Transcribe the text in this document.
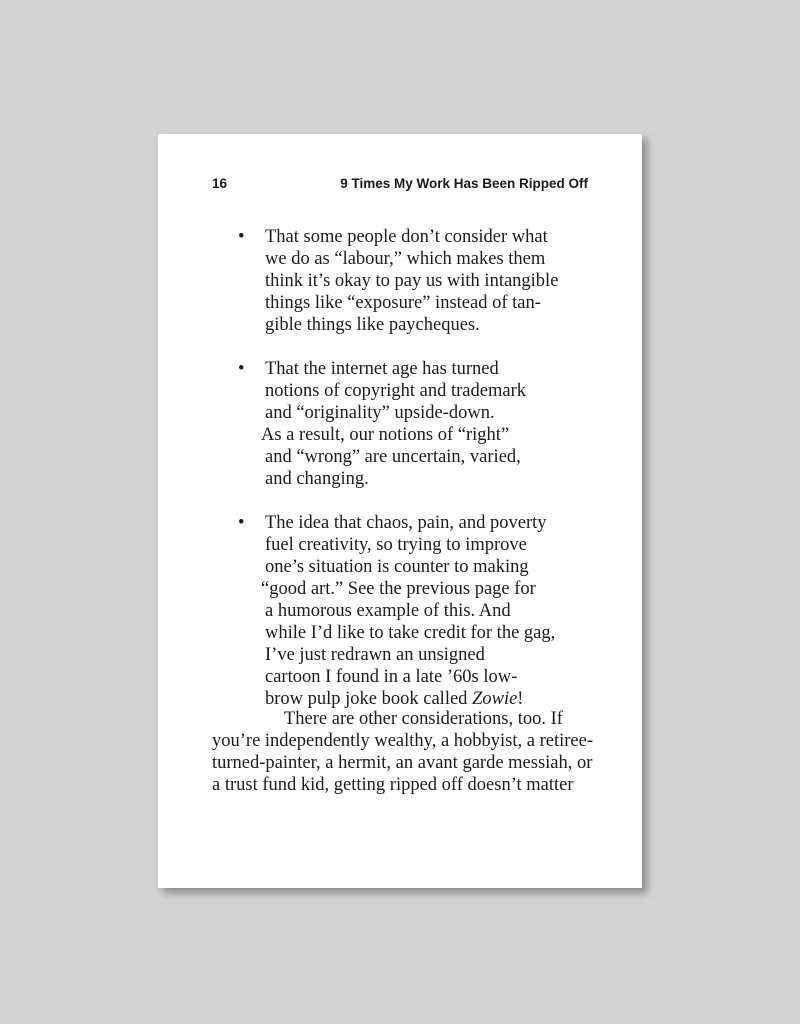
16	9 Times My Work Has Been Ripped Off
• That some people don’t consider what
we do as “labour,” which makes them
think it’s okay to pay us with intangible
things like “exposure” instead of tan-
gible things like paycheques.
• That the internet age has turned
notions of copyright and trademark
and “originality” upside-down.
As a result, our notions of “right”
and “wrong” are uncertain, varied,
and changing.
• The idea that chaos, pain, and poverty
fuel creativity, so trying to improve
one’s situation is counter to making
“good art.” See the previous page for
a humorous example of this. And
while I’d like to take credit for the gag,
I’ve just redrawn an unsigned
cartoon I found in a late ’60s low-
brow pulp joke book called Zowie!
There are other considerations, too. If
you’re independently wealthy, a hobbyist, a retiree-
turned-painter, a hermit, an avant garde messiah, or
a trust fund kid, getting ripped off doesn’t matter
